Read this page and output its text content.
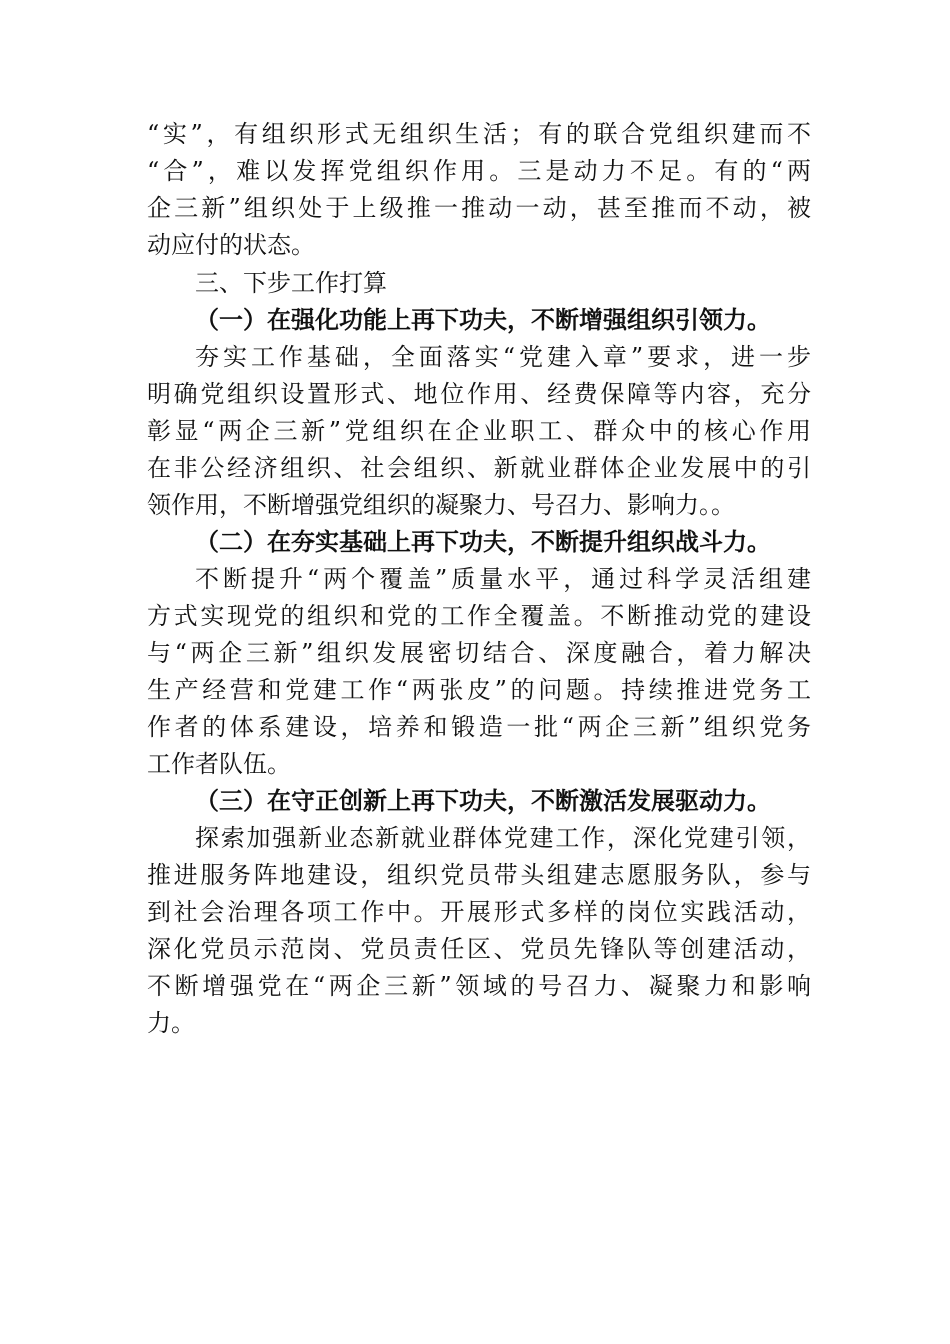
“实”，有组织形式无组织生活；有的联合党组织建而不
“合”，难以发挥党组织作用。三是动力不足。有的“两
企三新”组织处于上级推一推动一动，甚至推而不动，被
动应付的状态。
三、下步工作打算
（一）在强化功能上再下功夫，不断增强组织引领力。
夯实工作基础，全面落实“党建入章”要求，进一步
明确党组织设置形式、地位作用、经费保障等内容，充分
彰显“两企三新”党组织在企业职工、群众中的核心作用
在非公经济组织、社会组织、新就业群体企业发展中的引
领作用，不断增强党组织的凝聚力、号召力、影响力。。
（二）在夯实基础上再下功夫，不断提升组织战斗力。
不断提升“两个覆盖”质量水平，通过科学灵活组建
方式实现党的组织和党的工作全覆盖。不断推动党的建设
与“两企三新”组织发展密切结合、深度融合，着力解决
生产经营和党建工作“两张皮”的问题。持续推进党务工
作者的体系建设，培养和锻造一批“两企三新”组织党务
工作者队伍。
（三）在守正创新上再下功夫，不断激活发展驱动力。
探索加强新业态新就业群体党建工作，深化党建引领，
推进服务阵地建设，组织党员带头组建志愿服务队，参与
到社会治理各项工作中。开展形式多样的岗位实践活动，
深化党员示范岗、党员责任区、党员先锋队等创建活动，
不断增强党在“两企三新”领域的号召力、凝聚力和影响
力。
